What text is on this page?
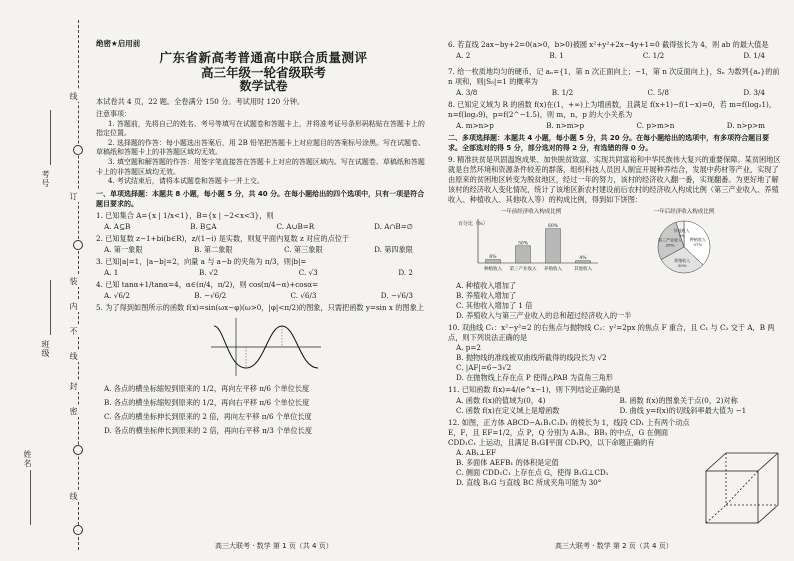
考号
班级
姓名
线
订
装
内
不
线
封
密
线
绝密★启用前
广东省新高考普通高中联合质量测评
高三年级一轮省级联考
数学试卷
本试卷共 4 页，22 题。全卷满分 150 分。考试用时 120 分钟。
注意事项：

1. 答题前，先将自己的姓名、考号等填写在试题卷和答题卡上，并将准考证号条形码粘贴在答题卡上的指定位置。

2. 选择题的作答：每小题选出答案后，用 2B 铅笔把答题卡上对应题目的答案标号涂黑。写在试题卷、草稿纸和答题卡上的非答题区域均无效。

3. 填空题和解答题的作答：用签字笔直接答在答题卡上对应的答题区域内。写在试题卷、草稿纸和答题卡上的非答题区域均无效。

4. 考试结束后，请将本试题卷和答题卡一并上交。

一、单项选择题：本题共 8 小题，每小题 5 分，共 40 分。在每小题给出的四个选项中，只有一项是符合题目要求的。
1. 已知集合 A={x | 1/x<1}，B={x | −2<x<3}，则
A. A⊆B	B. B⊆A	C. A∪B=R	D. A∩B=∅
2. 已知复数 z−1+bi(b∈R)，z/(1−i) 是实数，则复平面内复数 z 对应的点位于
A. 第一象限	B. 第二象限	C. 第三象限	D. 第四象限
3. 已知|a|=1，|a−b|=2，向量 a 与 a−b 的夹角为 π/3，则|b|=
A. 1	B. √2	C. √3	D. 2
4. 已知 tanα+1/tanα=4，α∈(π/4，π/2)，则 cos(π/4−α)+cosα=
A. √6/2	B. −√6/2	C. √6/3	D. −√6/3
5. 为了得到如图所示的函数 f(x)=sin(ωx−φ)(ω>0，|φ|<π/2)的图象，只需把函数 y=sin x 的图象上
A. 各点的横坐标缩短到原来的 1/2，再向左平移 π/6 个单位长度
B. 各点的横坐标缩短到原来的 1/2，再向右平移 π/6 个单位长度
C. 各点的横坐标伸长到原来的 2 倍，再向左平移 π/6 个单位长度
D. 各点的横坐标伸长到原来的 2 倍，再向右平移 π/3 个单位长度
6. 若直线 2ax−by+2=0(a>0，b>0)被圆 x²+y²+2x−4y+1=0 截得弦长为 4，则 ab 的最大值是
A. 2	B. 1	C. 1/2	D. 1/4
7. 给一枚质地均匀的硬币，记 aₙ={1，第 n 次正面向上；−1，第 n 次反面向上}，Sₙ 为数列{aₙ}的前 n 项和，则|S₅|=1 的概率为
A. 3/8	B. 1/2	C. 5/8	D. 3/4
8. 已知定义域为 R 的函数 f(x)在(1，+∞)上为增函数，且满足 f(x+1)−f(1−x)=0，若 m=f(log₂1)，n=f(log₃9)，p=f(2^−1.5)，则 m，n，p 的大小关系为
A. m>n>p	B. n>m>p	C. p>m>n	D. n>p>m
二、多项选择题：本题共 4 小题，每小题 5 分，共 20 分。在每小题给出的选项中，有多项符合题目要求。全部选对的得 5 分，部分选对的得 2 分，有选错的得 0 分。
9. 精准扶贫是巩固温饱成果、加快脱贫致富、实现共同富裕和中华民族伟大复兴的重要保障。某贫困地区就是自然环境和资源条件较差的群落，组织科技人员因人制宜开展种养结合，发展中药材等产业，实现了由原来的贫困地区转变为脱贫地区，经过一年的努力，该村的经济收入翻一番，实现翻番。为更好地了解该村的经济收入变化情况，统计了该地区新农村建设前后农村的经济收入构成比例（第三产业收入、养殖收入、种植收入、其他收入等）的构成比例，得到如下饼图：
一年前经济收入构成比例
百分比（%）
6%
种植收入
30%
第三产业收入
60%
养殖收入
4%
其他收入
一年后经济收入构成比例
种植收入
37%
养殖收入
30%
第三产业收入
28%
其他收入
5%
A. 种植收入增加了
B. 养殖收入增加了
C. 其他收入增加了 1 倍
D. 养殖收入与第三产业收入的总和超过经济收入的一半
10. 双曲线 C₁：x²−y²=2 的右焦点与抛物线 C₂：y²=2px 的焦点 F 重合，且 C₁ 与 C₂ 交于 A，B 两点，则下列说法正确的是
A. p=2
B. 抛物线的准线被双曲线所截得的线段长为 √2
C. |AF|=6−3√2
D. 在抛物线上存在点 P 使得△PAB 为直角三角形
11. 已知函数 f(x)=4/(e^x−1)，则下列结论正确的是
A. 函数 f(x)的值域为(0，4)	B. 函数 f(x)的图象关于点(0，2)对称
C. 函数 f(x)在定义域上是增函数	D. 曲线 y=f(x)的切线斜率最大值为 −1
12. 如图，正方体 ABCD−A₁B₁C₁D₁ 的棱长为 1，线段 CD₁ 上有两个动点 E，F，且 EF=1/2，点 P，Q 分别为 A₁B₁，BB₁ 的中点，G 在侧面 CDD₁C₁ 上运动，且满足 B₁G∥平面 CD₁PQ，以下命题正确的有
A. AB₁⊥EF
B. 多面体 AEFB₁ 的体积是定值
C. 侧面 CDD₁C₁ 上存在点 G，使得 B₁G⊥CD₁
D. 直线 B₁G 与直线 BC 所成夹角可能为 30°
高三大联考 · 数学 第 1 页（共 4 页）	高三大联考 · 数学 第 2 页（共 4 页）
